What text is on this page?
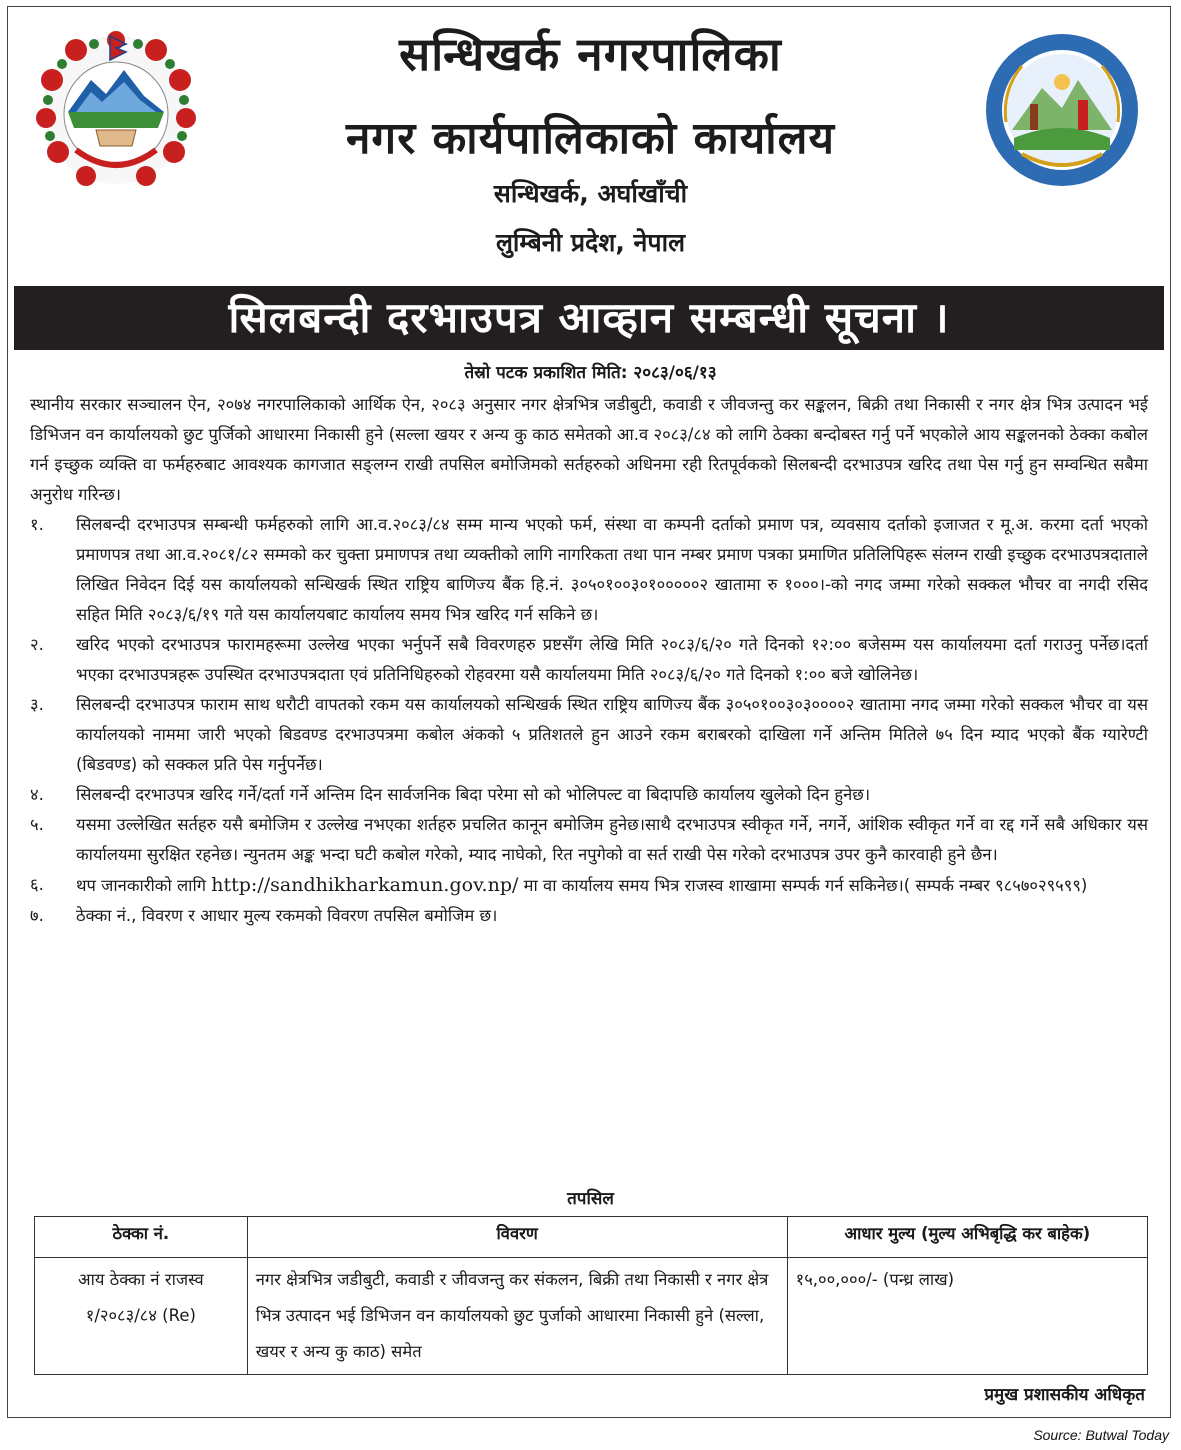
सन्धिखर्क नगरपालिका
नगर कार्यपालिकाको कार्यालय
सन्धिखर्क, अर्घाखाँची
लुम्बिनी प्रदेश, नेपाल
सिलबन्दी दरभाउपत्र आव्हान सम्बन्धी सूचना ।
तेस्रो पटक प्रकाशित मिति: २०८३/०६/१३

स्थानीय सरकार सञ्चालन ऐन, २०७४ नगरपालिकाको आर्थिक ऐन, २०८३ अनुसार नगर क्षेत्रभित्र जडीबुटी, कवाडी र जीवजन्तु कर सङ्कलन, बिक्री तथा निकासी र नगर क्षेत्र भित्र उत्पादन भई डिभिजन वन कार्यालयको छुट पुर्जिको आधारमा निकासी हुने (सल्ला खयर र अन्य कु काठ समेतको आ.व २०८३/८४ को लागि ठेक्का बन्दोबस्त गर्नु पर्ने भएकोले आय सङ्कलनको ठेक्का कबोल गर्न इच्छुक व्यक्ति वा फर्महरुबाट आवश्यक कागजात सङ्लग्न राखी तपसिल बमोजिमको सर्तहरुको अधिनमा रही रितपूर्वकको सिलबन्दी दरभाउपत्र खरिद तथा पेस गर्नु हुन सम्वन्धित सबैमा अनुरोध गरिन्छ।

१.	सिलबन्दी दरभाउपत्र सम्बन्धी फर्महरुको लागि आ.व.२०८३/८४ सम्म मान्य भएको फर्म, संस्था वा कम्पनी दर्ताको प्रमाण पत्र, व्यवसाय दर्ताको इजाजत र मू.अ. करमा दर्ता भएको प्रमाणपत्र तथा आ.व.२०८१/८२ सम्मको कर चुक्ता प्रमाणपत्र तथा व्यक्तीको लागि नागरिकता तथा पान नम्बर प्रमाण पत्रका प्रमाणित प्रतिलिपिहरू संलग्न राखी इच्छुक दरभाउपत्रदाताले लिखित निवेदन दिई यस कार्यालयको सन्धिखर्क स्थित राष्ट्रिय बाणिज्य बैंक हि.नं. ३०५०१००३०१०००००२ खातामा रु १०००।-को नगद जम्मा गरेको सक्कल भौचर वा नगदी रसिद सहित मिति २०८३/६/१९ गते यस कार्यालयबाट कार्यालय समय भित्र खरिद गर्न सकिने छ।
२.	खरिद भएको दरभाउपत्र फारामहरूमा उल्लेख भएका भर्नुपर्ने सबै विवरणहरु प्रष्टसँग लेखि मिति २०८३/६/२० गते दिनको १२:०० बजेसम्म यस कार्यालयमा दर्ता गराउनु पर्नेछ।दर्ता भएका दरभाउपत्रहरू उपस्थित दरभाउपत्रदाता एवं प्रतिनिधिहरुको रोहवरमा यसै कार्यालयमा मिति २०८३/६/२० गते दिनको १:०० बजे खोलिनेछ।
३.	सिलबन्दी दरभाउपत्र फाराम साथ धरौटी वापतको रकम यस कार्यालयको सन्धिखर्क स्थित राष्ट्रिय बाणिज्य बैंक ३०५०१००३०३००००२ खातामा नगद जम्मा गरेको सक्कल भौचर वा यस कार्यालयको नाममा जारी भएको बिडवण्ड दरभाउपत्रमा कबोल अंकको ५ प्रतिशतले हुन आउने रकम बराबरको दाखिला गर्ने अन्तिम मितिले ७५ दिन म्याद भएको बैंक ग्यारेण्टी (बिडवण्ड) को सक्कल प्रति पेस गर्नुपर्नेछ।
४.	सिलबन्दी दरभाउपत्र खरिद गर्ने/दर्ता गर्ने अन्तिम दिन सार्वजनिक बिदा परेमा सो को भोलिपल्ट वा बिदापछि कार्यालय खुलेको दिन हुनेछ।
५.	यसमा उल्लेखित सर्तहरु यसै बमोजिम र उल्लेख नभएका शर्तहरु प्रचलित कानून बमोजिम हुनेछ।साथै दरभाउपत्र स्वीकृत गर्ने, नगर्ने, आंशिक स्वीकृत गर्ने वा रद्द गर्ने सबै अधिकार यस कार्यालयमा सुरक्षित रहनेछ। न्युनतम अङ्क भन्दा घटी कबोल गरेको, म्याद नाघेको, रित नपुगेको वा सर्त राखी पेस गरेको दरभाउपत्र उपर कुनै कारवाही हुने छैन।
६.	थप जानकारीको लागि http://sandhikharkamun.gov.np/ मा वा कार्यालय समय भित्र राजस्व शाखामा सम्पर्क गर्न सकिनेछ।( सम्पर्क नम्बर ९८५७०२९५९९)
७.	ठेक्का नं., विवरण र आधार मुल्य रकमको विवरण तपसिल बमोजिम छ।
तपसिल
ठेक्का नं.	विवरण	आधार मुल्य (मुल्य अभिबृद्धि कर बाहेक)

आय ठेक्का नं राजस्व
१/२०८३/८४ (Re)	नगर क्षेत्रभित्र जडीबुटी, कवाडी र जीवजन्तु कर संकलन, बिक्री तथा निकासी र नगर क्षेत्र भित्र उत्पादन भई डिभिजन वन कार्यालयको छुट पुर्जाको आधारमा निकासी हुने (सल्ला, खयर र अन्य कु काठ) समेत	१५,००,०००/- (पन्ध्र लाख)
प्रमुख प्रशासकीय अधिकृत
Source: Butwal Today
